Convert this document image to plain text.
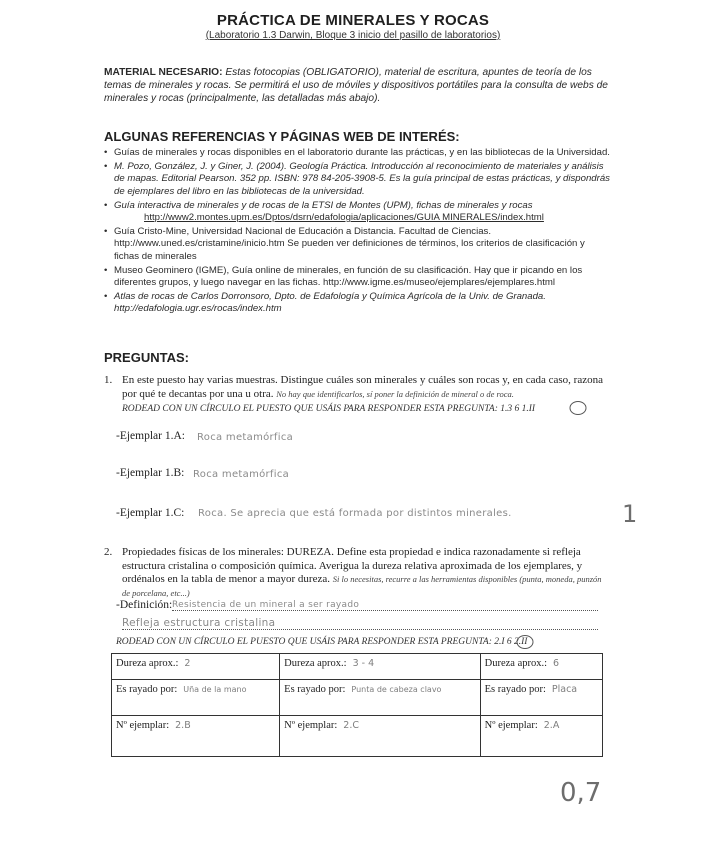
PRÁCTICA DE MINERALES Y ROCAS
(Laboratorio 1.3 Darwin, Bloque 3 inicio del pasillo de laboratorios)
MATERIAL NECESARIO: Estas fotocopias (OBLIGATORIO), material de escritura, apuntes de teoría de los temas de minerales y rocas. Se permitirá el uso de móviles y dispositivos portátiles para la consulta de webs de minerales y rocas (principalmente, las detalladas más abajo).
ALGUNAS REFERENCIAS Y PÁGINAS WEB DE INTERÉS:
• Guías de minerales y rocas disponibles en el laboratorio durante las prácticas, y en las bibliotecas de la Universidad.
• M. Pozo, González, J. y Giner, J. (2004). Geología Práctica. Introducción al reconocimiento de materiales y análisis de mapas. Editorial Pearson. 352 pp. ISBN: 978 84-205-3908-5. Es la guía principal de estas prácticas, y dispondrás de ejemplares del libro en las bibliotecas de la universidad.
• Guía interactiva de minerales y de rocas de la ETSI de Montes (UPM), fichas de minerales y rocas
http://www2.montes.upm.es/Dptos/dsrn/edafologia/aplicaciones/GUIA MINERALES/index.html
• Guía Cristo-Mine, Universidad Nacional de Educación a Distancia. Facultad de Ciencias. http://www.uned.es/cristamine/inicio.htm Se pueden ver definiciones de términos, los criterios de clasificación y fichas de minerales
• Museo Geominero (IGME), Guía online de minerales, en función de su clasificación. Hay que ir picando en los diferentes grupos, y luego navegar en las fichas. http://www.igme.es/museo/ejemplares/ejemplares.html
• Atlas de rocas de Carlos Dorronsoro, Dpto. de Edafología y Química Agrícola de la Univ. de Granada. http://edafologia.ugr.es/rocas/index.htm
PREGUNTAS:
1. En este puesto hay varias muestras. Distingue cuáles son minerales y cuáles son rocas y, en cada caso, razona por qué te decantas por una u otra. No hay que identificarlos, sí poner la definición de mineral o de roca.
RODEAD CON UN CÍRCULO EL PUESTO QUE USÁIS PARA RESPONDER ESTA PREGUNTA: 1.3 6 1.II
-Ejemplar 1.A: Roca metamórfica
-Ejemplar 1.B: Roca metamórfica
-Ejemplar 1.C: Roca. Se aprecia que está formada por distintos minerales.	1
2. Propiedades físicas de los minerales: DUREZA. Define esta propiedad e indica razonadamente si refleja estructura cristalina o composición química. Averigua la dureza relativa aproximada de los ejemplares, y ordénalos en la tabla de menor a mayor dureza. Si lo necesitas, recurre a las herramientas disponibles (punta, moneda, punzón de porcelana, etc...)
-Definición: Resistencia de un mineral a ser rayado
Refleja estructura cristalina
RODEAD CON UN CÍRCULO EL PUESTO QUE USÁIS PARA RESPONDER ESTA PREGUNTA: 2.I 6 2.II
Dureza aprox.: 2	Dureza aprox.: 3 - 4	Dureza aprox.: 6
Es rayado por: Uña de la mano	Es rayado por: Punta de cabeza clavo	Es rayado por: Placa
Nº ejemplar: 2.B	Nº ejemplar: 2.C	Nº ejemplar: 2.A
0,7
